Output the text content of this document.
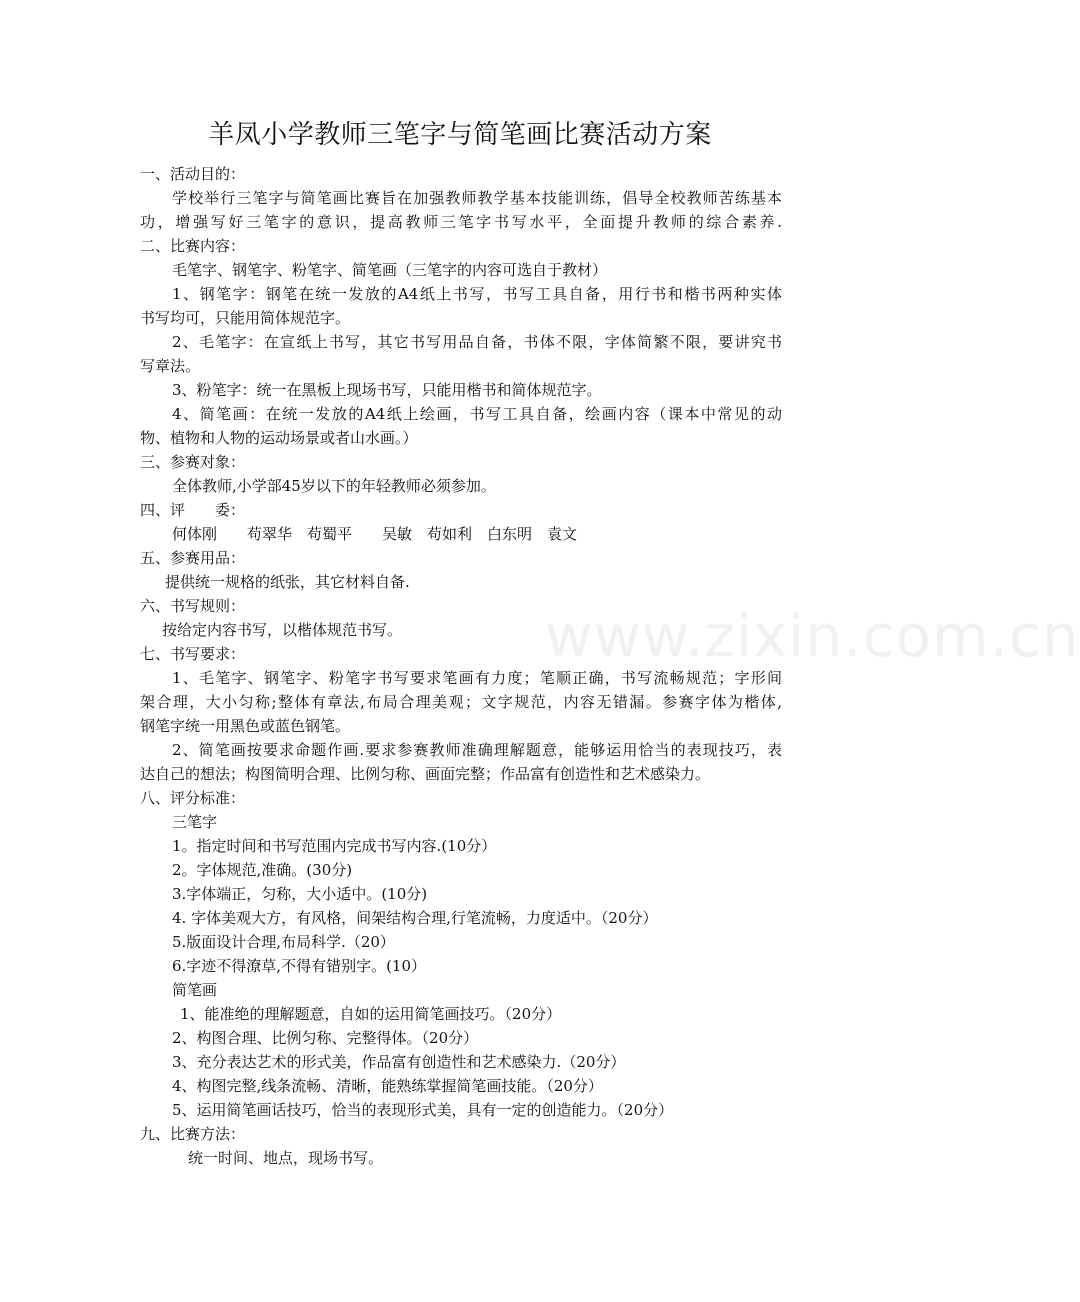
羊凤小学教师三笔字与简笔画比赛活动方案
www.zixin.com.cn
一、活动目的：
学校举行三笔字与简笔画比赛旨在加强教师教学基本技能训练，倡导全校教师苦练基本
功，增强写好三笔字的意识，提高教师三笔字书写水平，全面提升教师的综合素养.
二、比赛内容：
毛笔字、钢笔字、粉笔字、简笔画（三笔字的内容可选自于教材）
1、钢笔字：钢笔在统一发放的A4纸上书写，书写工具自备，用行书和楷书两种实体
书写均可，只能用简体规范字。
2、毛笔字：在宣纸上书写，其它书写用品自备，书体不限，字体简繁不限，要讲究书
写章法。
3、粉笔字：统一在黑板上现场书写，只能用楷书和简体规范字。
4、简笔画：在统一发放的A4纸上绘画，书写工具自备，绘画内容（课本中常见的动
物、植物和人物的运动场景或者山水画。）
三、参赛对象：
全体教师,小学部45岁以下的年轻教师必须参加。
四、评　　委：
何体刚　　苟翠华　苟蜀平　　吴敏　苟如利　白东明　袁文
五、参赛用品：
提供统一规格的纸张，其它材料自备.
六、书写规则：
按给定内容书写，以楷体规范书写。
七、书写要求：
1、毛笔字、钢笔字、粉笔字书写要求笔画有力度；笔顺正确，书写流畅规范；字形间
架合理，大小匀称;整体有章法,布局合理美观；文字规范，内容无错漏。参赛字体为楷体,
钢笔字统一用黑色或蓝色钢笔。
2、简笔画按要求命题作画.要求参赛教师准确理解题意，能够运用恰当的表现技巧，表
达自己的想法；构图简明合理、比例匀称、画面完整；作品富有创造性和艺术感染力。
八、评分标准：
三笔字
1。指定时间和书写范围内完成书写内容.(10分）
2。字体规范,准确。(30分)
3.字体端正，匀称，大小适中。(10分)
4. 字体美观大方，有风格，间架结构合理,行笔流畅，力度适中。（20分）
5.版面设计合理,布局科学.（20）
6.字迹不得潦草,不得有错别字。(10）
简笔画
1、能准绝的理解题意，自如的运用简笔画技巧。（20分）
2、构图合理、比例匀称、完整得体。（20分）
3、充分表达艺术的形式美，作品富有创造性和艺术感染力.（20分）
4、构图完整,线条流畅、清晰，能熟练掌握简笔画技能。（20分）
5、运用简笔画话技巧，恰当的表现形式美，具有一定的创造能力。（20分）
九、比赛方法：
统一时间、地点，现场书写。
